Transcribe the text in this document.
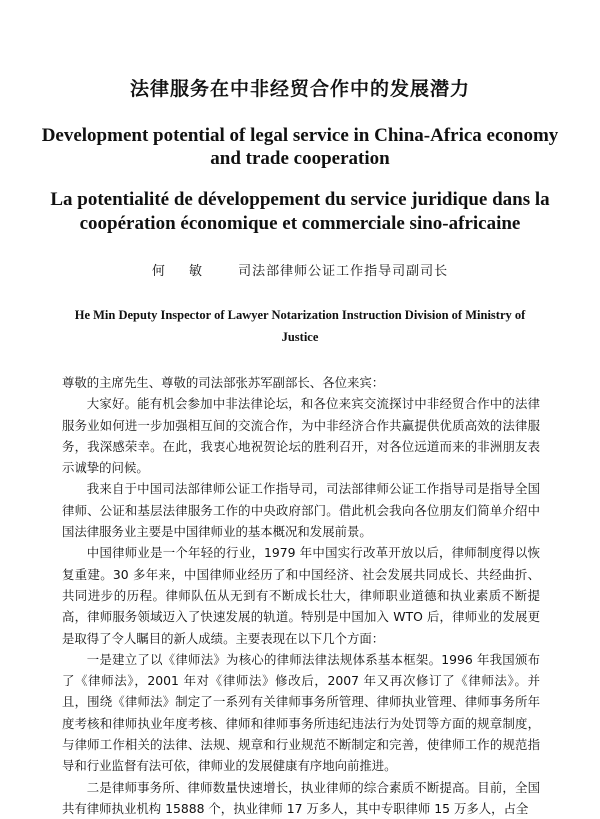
法律服务在中非经贸合作中的发展潜力
Development potential of legal service in China-Africa economy and trade cooperation
La potentialité de développement du service juridique dans la coopération économique et commerciale sino-africaine
何 敏 司法部律师公证工作指导司副司长
He Min Deputy Inspector of Lawyer Notarization Instruction Division of Ministry of Justice

尊敬的主席先生、尊敬的司法部张苏军副部长、各位来宾：

大家好。能有机会参加中非法律论坛，和各位来宾交流探讨中非经贸合作中的法律服务业如何进一步加强相互间的交流合作，为中非经济合作共赢提供优质高效的法律服务，我深感荣幸。在此，我衷心地祝贺论坛的胜利召开，对各位远道而来的非洲朋友表示诚挚的问候。

我来自于中国司法部律师公证工作指导司，司法部律师公证工作指导司是指导全国律师、公证和基层法律服务工作的中央政府部门。借此机会我向各位朋友们简单介绍中国法律服务业主要是中国律师业的基本概况和发展前景。

中国律师业是一个年轻的行业，1979 年中国实行改革开放以后，律师制度得以恢复重建。30 多年来，中国律师业经历了和中国经济、社会发展共同成长、共经曲折、共同进步的历程。律师队伍从无到有不断成长壮大，律师职业道德和执业素质不断提高，律师服务领域迈入了快速发展的轨道。特别是中国加入 WTO 后，律师业的发展更是取得了令人瞩目的新人成绩。主要表现在以下几个方面：

一是建立了以《律师法》为核心的律师法律法规体系基本框架。1996 年我国颁布了《律师法》，2001 年对《律师法》修改后，2007 年又再次修订了《律师法》。并且，围绕《律师法》制定了一系列有关律师事务所管理、律师执业管理、律师事务所年度考核和律师执业年度考核、律师和律师事务所违纪违法行为处罚等方面的规章制度，与律师工作相关的法律、法规、规章和行业规范不断制定和完善，使律师工作的规范指导和行业监督有法可依，律师业的发展健康有序地向前推进。

二是律师事务所、律师数量快速增长，执业律师的综合素质不断提高。目前，全国共有律师执业机构 15888 个，执业律师 17 万多人，其中专职律师 15 万多人，占全
